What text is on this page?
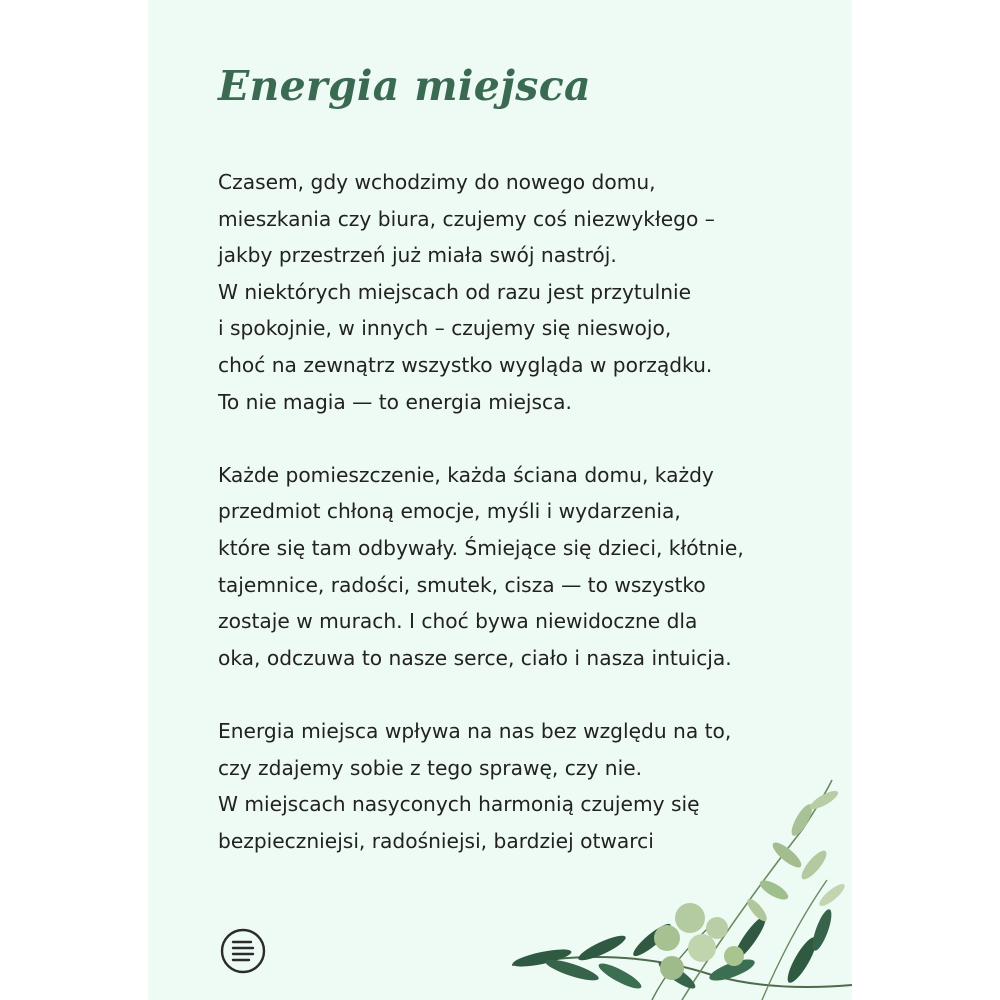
Energia miejsca

Czasem, gdy wchodzimy do nowego domu,
mieszkania czy biura, czujemy coś niezwykłego –
jakby przestrzeń już miała swój nastrój.
W niektórych miejscach od razu jest przytulnie
i spokojnie, w innych – czujemy się nieswojo,
choć na zewnątrz wszystko wygląda w porządku.
To nie magia — to energia miejsca.

Każde pomieszczenie, każda ściana domu, każdy
przedmiot chłoną emocje, myśli i wydarzenia,
które się tam odbywały. Śmiejące się dzieci, kłótnie,
tajemnice, radości, smutek, cisza — to wszystko
zostaje w murach. I choć bywa niewidoczne dla
oka, odczuwa to nasze serce, ciało i nasza intuicja.

Energia miejsca wpływa na nas bez względu na to,
czy zdajemy sobie z tego sprawę, czy nie.
W miejscach nasyconych harmonią czujemy się
bezpieczniejsi, radośniejsi, bardziej otwarci
